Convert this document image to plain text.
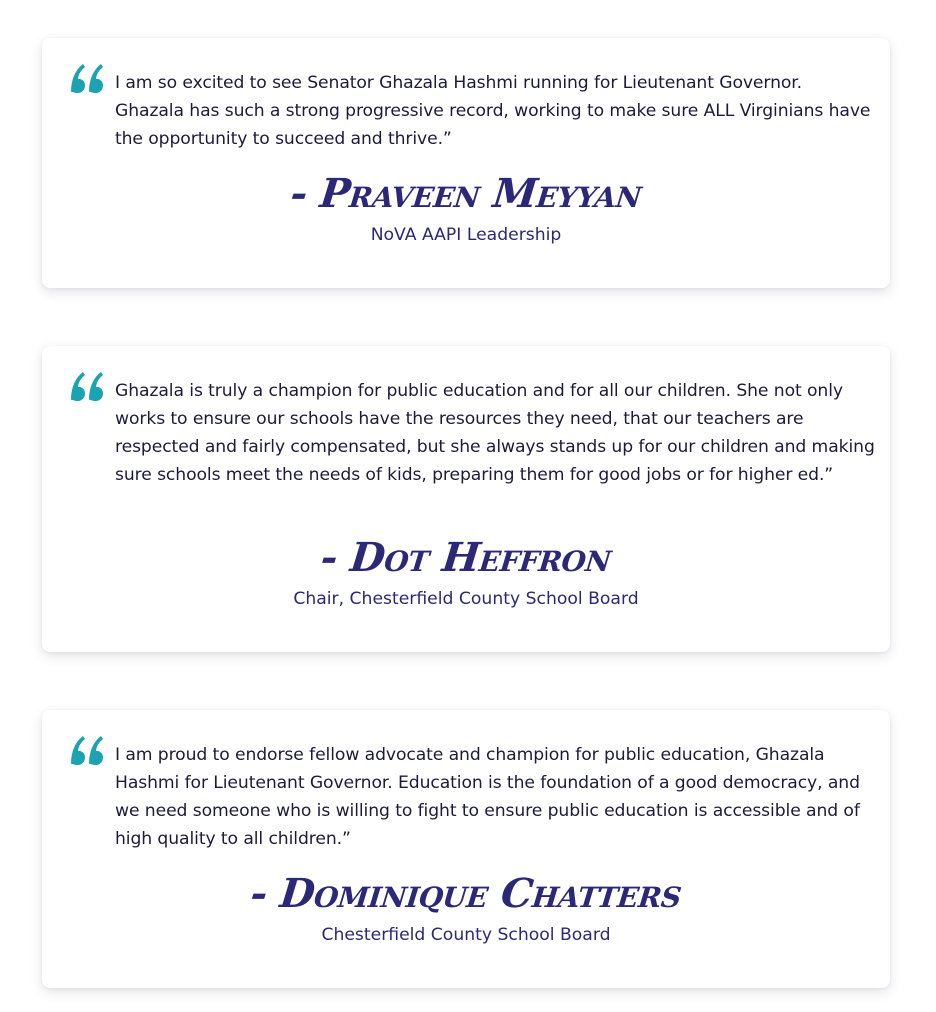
I am so excited to see Senator Ghazala Hashmi running for Lieutenant Governor. Ghazala has such a strong progressive record, working to make sure ALL Virginians have the opportunity to succeed and thrive.”

- Praveen Meyyan
NoVA AAPI Leadership

Ghazala is truly a champion for public education and for all our children. She not only works to ensure our schools have the resources they need, that our teachers are respected and fairly compensated, but she always stands up for our children and making sure schools meet the needs of kids, preparing them for good jobs or for higher ed.”

- Dot Heffron
Chair, Chesterfield County School Board

I am proud to endorse fellow advocate and champion for public education, Ghazala Hashmi for Lieutenant Governor. Education is the foundation of a good democracy, and we need someone who is willing to fight to ensure public education is accessible and of high quality to all children.”

- Dominique Chatters
Chesterfield County School Board
